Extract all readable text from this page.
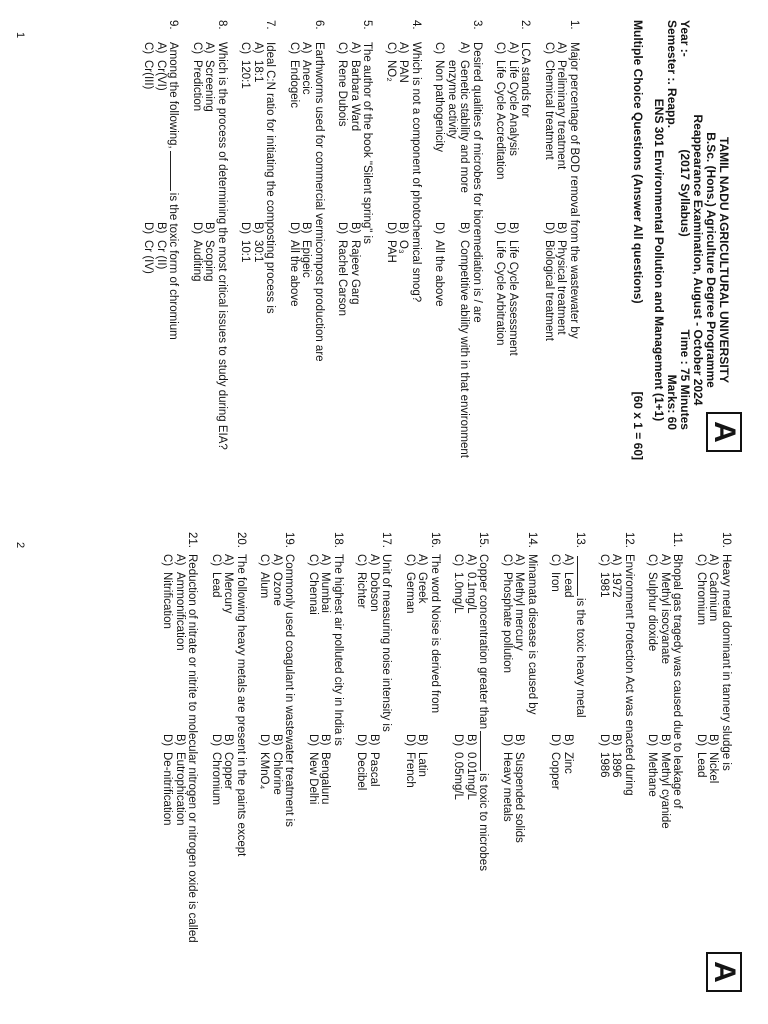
A
TAMIL NADU AGRICULTURAL UNIVERSITY
B.Sc. (Hons.) Agriculture Degree Programme
Reappearance Examination, August - October 2024
Year :-
(2017 Syllabus)
Time : 75 Minutes
Semester :. Reapp.
Marks: 60
ENS 301 Environmental Pollution and Management (1+1)
Multiple Choice Questions (Answer All questions)
[60 x 1 = 60]
1.
Major percentage of BOD removal from the wastewater by
A)
Preliminary treatment
B)
Physical treatment
C)
Chemical treatment
D)
Biological treatment
2.
LCA stands for
A)
Life Cycle Analysis
B)
Life Cycle Assessment
C)
Life Cycle Accreditation
D)
Life Cycle Arbitration
3.
Desired qualities of microbes for bioremediation is / are
A)
Genetic stability and more enzyme activity
B)
Competitive ability with in that environment
C)
Non pathogenicity
D)
All the above
4.
Which is not a component of photochemical smog?
A)
PAN
B)
O₃
C)
NO₂
D)
PAH
5.
The author of the book "Silent spring" is
A)
Barbara Ward
B)
Rajeev Garg
C)
Rene Dubois
D)
Rachel Carson
6.
Earthworms used for commercial vermicompost production are
A)
Anecic
B)
Epigeic
C)
Endogeic
D)
All the above
7.
Ideal C:N ratio for initiating the composting process is
A)
18:1
B)
30:1
C)
120:1
D)
10:1
8.
Which is the process of determining the most critical issues to study during EIA?
A)
Screening
B)
Scoping
C)
Prediction
D)
Auditing
9.
Among the following,is the toxic form of chromium
A)
Cr(VI)
B)
Cr (II)
C)
Cr(III)
D)
Cr (IV)
1
A
10.
Heavy metal dominant in tannery sludge is
A)
Cadmium
B)
Nickel
C)
Chromium
D)
Lead
11.
Bhopal gas tragedy was caused due to leakage of
A)
Methyl isocyanate
B)
Methyl cyanide
C)
Sulphur dioxide
D)
Methane
12.
Environment Protection Act was enacted during
A)
1972
B)
1896
C)
1981
D)
1986
13.
is the toxic heavy metal
A)
Lead
B)
Zinc
C)
Iron
D)
Copper
14.
Minamata disease is caused by
A)
Methyl mercury
B)
Suspended solids
C)
Phosphate pollution
D)
Heavy metals
15.
Copper concentration greater thanis toxic to microbes
A)
0.1mg/L
B)
0.01mg/L
C)
1.0mg/L
D)
0.05mg/L
16.
The word Noise is derived from
A)
Greek
B)
Latin
C)
German
D)
French
17.
Unit of measuring noise intensity is
A)
Dobson
B)
Pascal
C)
Richter
D)
Decibel
18.
The highest air polluted city in India is
A)
Mumbai
B)
Bengaluru
C)
Chennai
D)
New Delhi
19.
Commonly used coagulant in wastewater treatment is
A)
Ozone
B)
Chlorine
C)
Alum
D)
KMnO₄
20.
The following heavy metals are present in the paints except
A)
Mercury
B)
Copper
C)
Lead
D)
Chromium
21.
Reduction of nitrate or nitrite to molecular nitrogen or nitrogen oxide is called
A)
Ammonification
B)
Eutrophication
C)
Nitrification
D)
De-nitrification
2
